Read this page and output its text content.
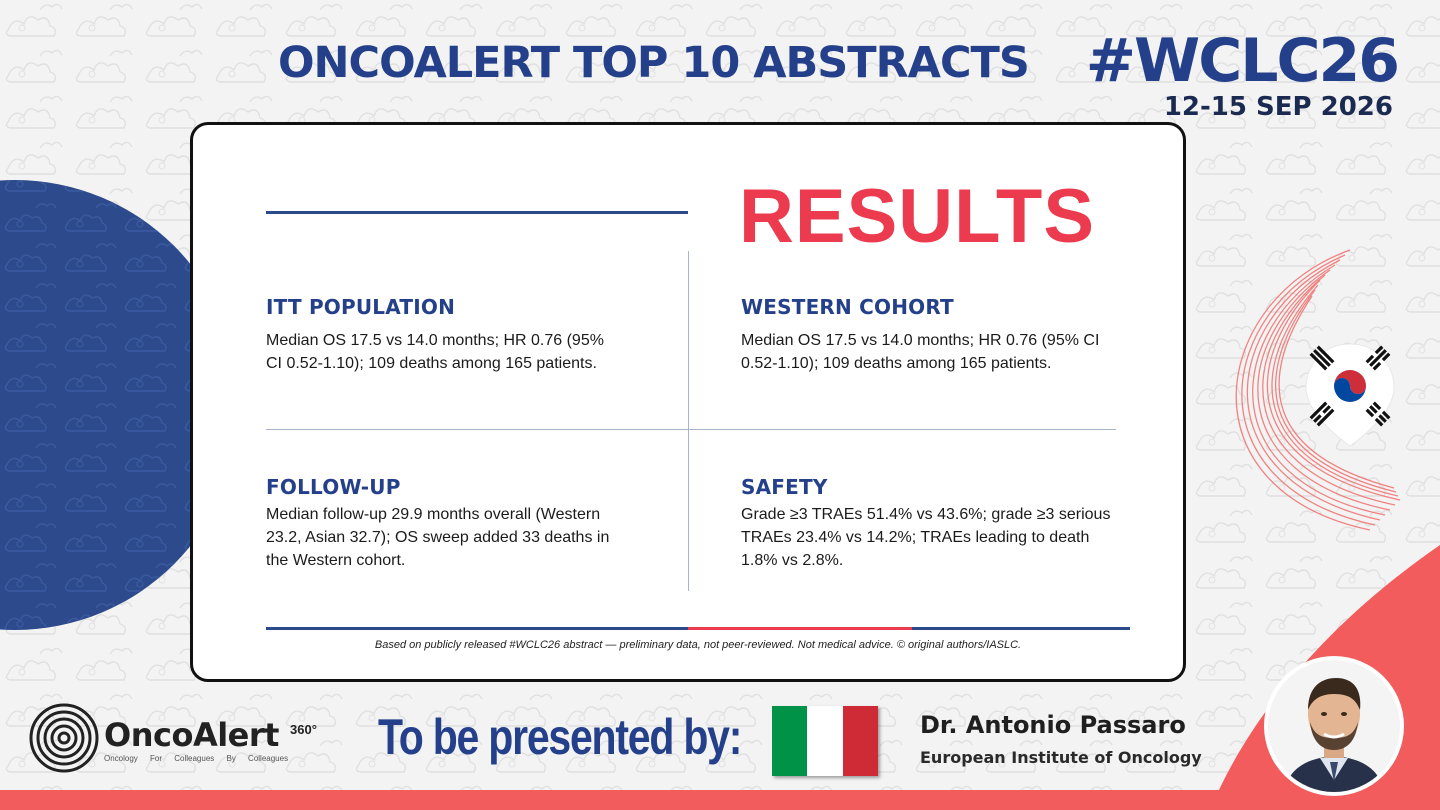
ONCOALERT TOP 10 ABSTRACTS #WCLC26
12-15 SEP 2026
RESULTS
ITT POPULATION

Median OS 17.5 vs 14.0 months; HR 0.76 (95% CI 0.52-1.10); 109 deaths among 165 patients.

WESTERN COHORT

Median OS 17.5 vs 14.0 months; HR 0.76 (95% CI 0.52-1.10); 109 deaths among 165 patients.

FOLLOW-UP

Median follow-up 29.9 months overall (Western 23.2, Asian 32.7); OS sweep added 33 deaths in the Western cohort.

SAFETY

Grade ≥3 TRAEs 51.4% vs 43.6%; grade ≥3 serious TRAEs 23.4% vs 14.2%; TRAEs leading to death 1.8% vs 2.8%.

Based on publicly released #WCLC26 abstract — preliminary data, not peer-reviewed. Not medical advice. © original authors/IASLC.
OncoAlert 360°
Oncology For Colleagues By Colleagues To be presented by:	Dr. Antonio Passaro
European Institute of Oncology
